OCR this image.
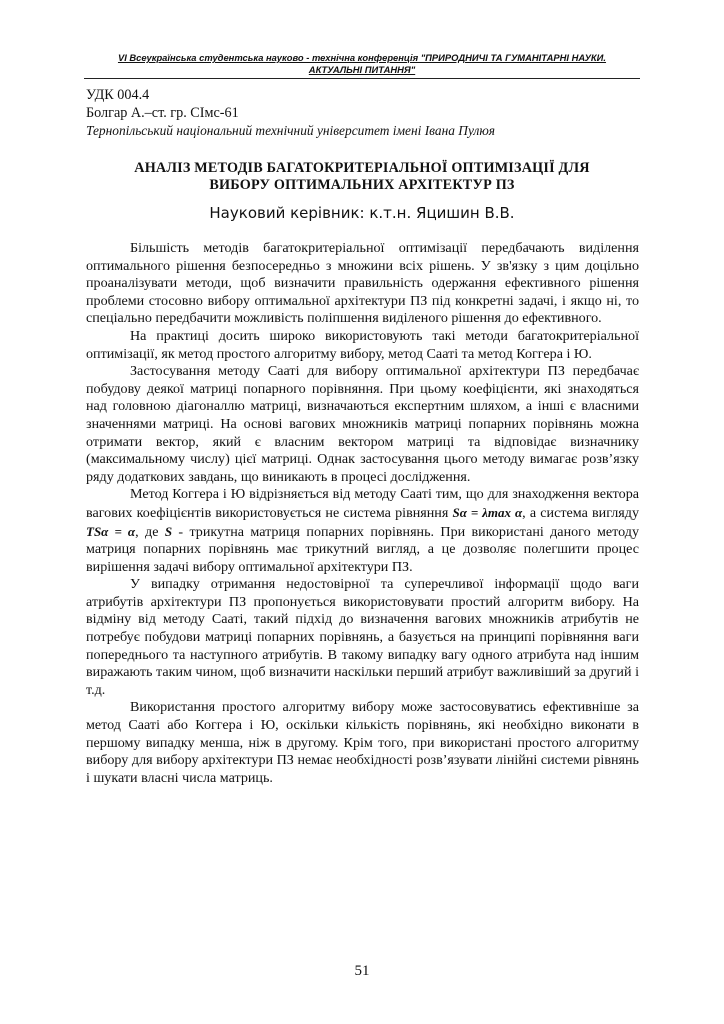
VI Всеукраїнська студентська науково - технічна конференція "ПРИРОДНИЧІ ТА ГУМАНІТАРНІ НАУКИ.
АКТУАЛЬНІ ПИТАННЯ"
УДК 004.4
Болгар А.–ст. гр. СІмс-61
Тернопільський національний технічний університет імені Івана Пулюя
АНАЛІЗ МЕТОДІВ БАГАТОКРИТЕРІАЛЬНОЇ ОПТИМІЗАЦІЇ ДЛЯ
ВИБОРУ ОПТИМАЛЬНИХ АРХІТЕКТУР ПЗ
Науковий керівник: к.т.н. Яцишин В.В.

Більшість методів багатокритеріальної оптимізації передбачають виділення оптимального рішення безпосередньо з множини всіх рішень. У зв'язку з цим доцільно проаналізувати методи, щоб визначити правильність одержання ефективного рішення проблеми стосовно вибору оптимальної архітектури ПЗ під конкретні задачі, і якщо ні, то спеціально передбачити можливість поліпшення виділеного рішення до ефективного.

На практиці досить широко використовують такі методи багатокритеріальної оптимізації, як метод простого алгоритму вибору, метод Сааті та метод Коггера і Ю.

Застосування методу Сааті для вибору оптимальної архітектури ПЗ передбачає побудову деякої матриці попарного порівняння. При цьому коефіцієнти, які знаходяться над головною діагоналлю матриці, визначаються експертним шляхом, а інші є власними значеннями матриці. На основі вагових множників матриці попарних порівнянь можна отримати вектор, який є власним вектором матриці та відповідає визначнику (максимальному числу) цієї матриці. Однак застосування цього методу вимагає розв’язку ряду додаткових завдань, що виникають в процесі дослідження.

Метод Коггера і Ю відрізняється від методу Сааті тим, що для знаходження вектора вагових коефіцієнтів використовується не система рівняння Sα = λmax α, а система вигляду TSα = α, де S - трикутна матриця попарних порівнянь. При використані даного методу матриця попарних порівнянь має трикутний вигляд, а це дозволяє полегшити процес вирішення задачі вибору оптимальної архітектури ПЗ.

У випадку отримання недостовірної та суперечливої інформації щодо ваги атрибутів архітектури ПЗ пропонується використовувати простий алгоритм вибору. На відміну від методу Сааті, такий підхід до визначення вагових множників атрибутів не потребує побудови матриці попарних порівнянь, а базується на принципі порівняння ваги попереднього та наступного атрибутів. В такому випадку вагу одного атрибута над іншим виражають таким чином, щоб визначити наскільки перший атрибут важливіший за другий і т.д.

Використання простого алгоритму вибору може застосовуватись ефективніше за метод Сааті або Коггера і Ю, оскільки кількість порівнянь, які необхідно виконати в першому випадку менша, ніж в другому. Крім того, при використані простого алгоритму вибору для вибору архітектури ПЗ немає необхідності розв’язувати лінійні системи рівнянь і шукати власні числа матриць.

51
